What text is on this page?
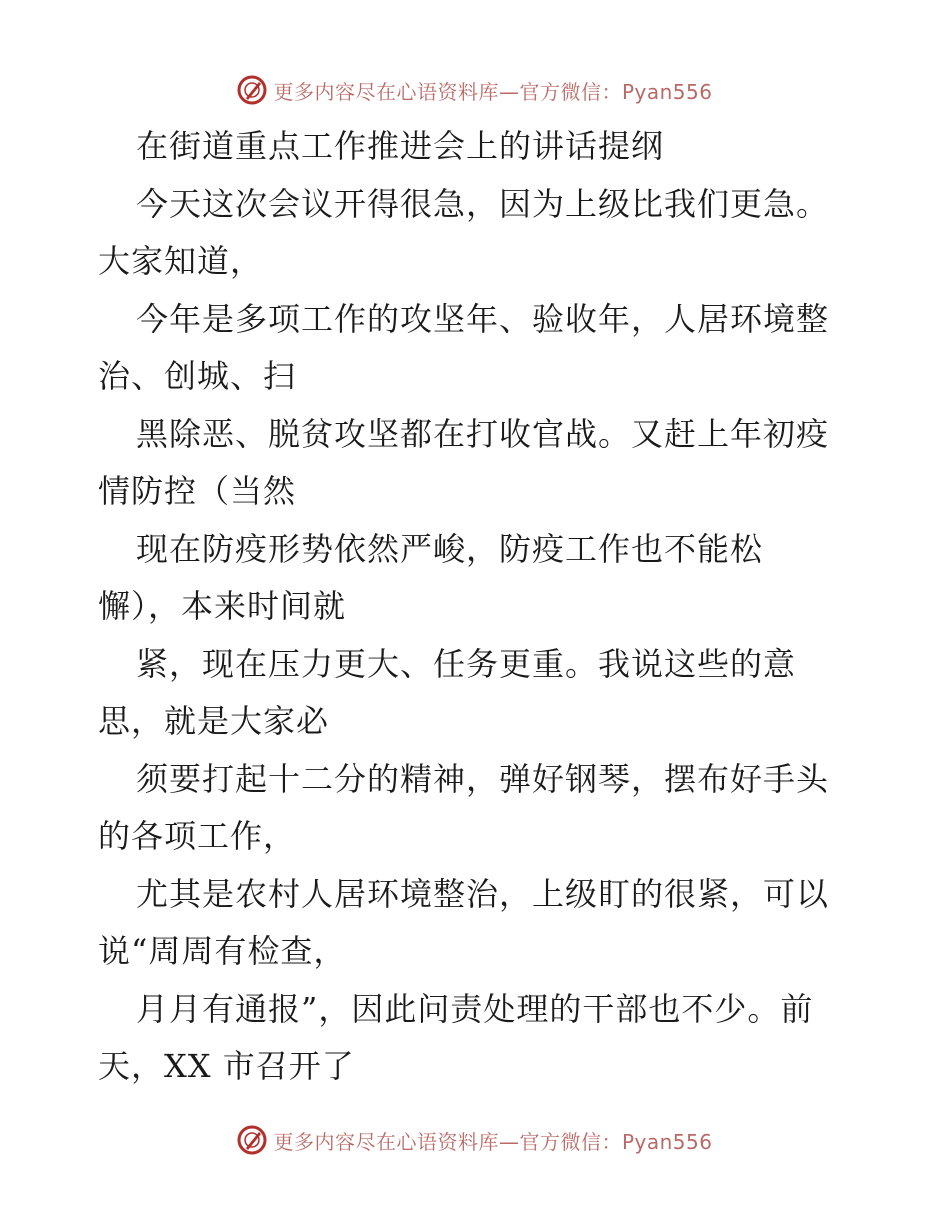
更多内容尽在心语资料库—官方微信：Pyan556
在街道重点工作推进会上的讲话提纲
今天这次会议开得很急，因为上级比我们更急。
大家知道，
今年是多项工作的攻坚年、验收年，人居环境整
治、创城、扫
黑除恶、脱贫攻坚都在打收官战。又赶上年初疫
情防控（当然
现在防疫形势依然严峻，防疫工作也不能松
懈），本来时间就
紧，现在压力更大、任务更重。我说这些的意
思，就是大家必
须要打起十二分的精神，弹好钢琴，摆布好手头
的各项工作，
尤其是农村人居环境整治，上级盯的很紧，可以
说“周周有检查，
月月有通报”，因此问责处理的干部也不少。前
天，XX 市召开了
更多内容尽在心语资料库—官方微信：Pyan556
